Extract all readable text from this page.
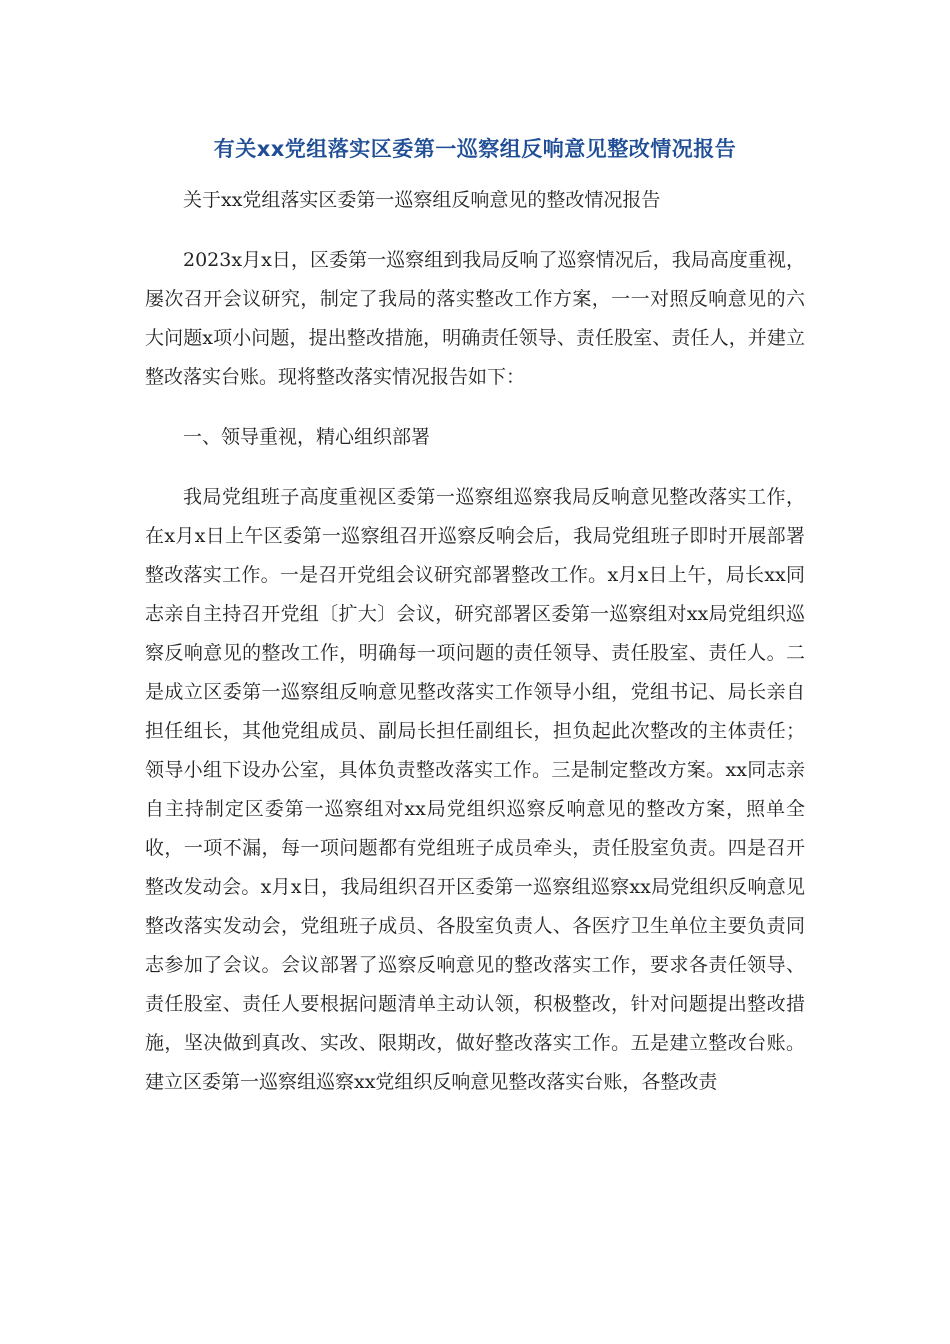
有关xx党组落实区委第一巡察组反响意见整改情况报告

关于xx党组落实区委第一巡察组反响意见的整改情况报告

2023x月x日，区委第一巡察组到我局反响了巡察情况后，我局高度重视，屡次召开会议研究，制定了我局的落实整改工作方案，一一对照反响意见的六大问题x项小问题，提出整改措施，明确责任领导、责任股室、责任人，并建立整改落实台账。现将整改落实情况报告如下：

一、领导重视，精心组织部署

我局党组班子高度重视区委第一巡察组巡察我局反响意见整改落实工作，在x月x日上午区委第一巡察组召开巡察反响会后，我局党组班子即时开展部署整改落实工作。一是召开党组会议研究部署整改工作。x月x日上午，局长xx同志亲自主持召开党组〔扩大〕会议，研究部署区委第一巡察组对xx局党组织巡察反响意见的整改工作，明确每一项问题的责任领导、责任股室、责任人。二是成立区委第一巡察组反响意见整改落实工作领导小组，党组书记、局长亲自担任组长，其他党组成员、副局长担任副组长，担负起此次整改的主体责任；领导小组下设办公室，具体负责整改落实工作。三是制定整改方案。xx同志亲自主持制定区委第一巡察组对xx局党组织巡察反响意见的整改方案，照单全收，一项不漏，每一项问题都有党组班子成员牵头，责任股室负责。四是召开整改发动会。x月x日，我局组织召开区委第一巡察组巡察xx局党组织反响意见整改落实发动会，党组班子成员、各股室负责人、各医疗卫生单位主要负责同志参加了会议。会议部署了巡察反响意见的整改落实工作，要求各责任领导、责任股室、责任人要根据问题清单主动认领，积极整改，针对问题提出整改措施，坚决做到真改、实改、限期改，做好整改落实工作。五是建立整改台账。建立区委第一巡察组巡察xx党组织反响意见整改落实台账，各整改责
